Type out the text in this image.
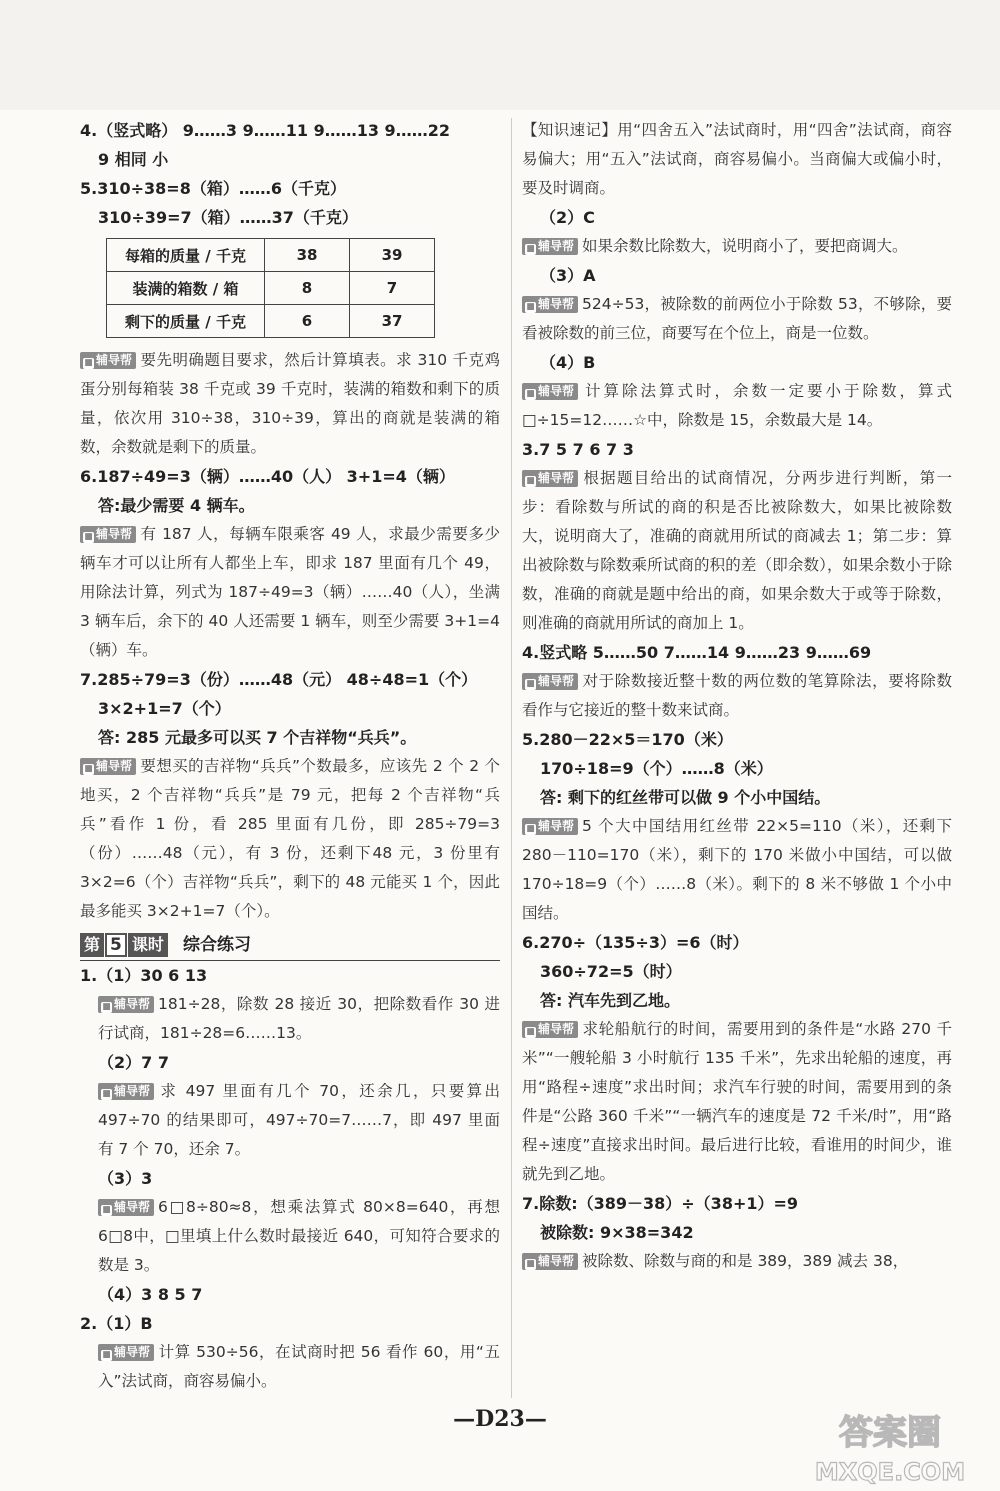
4.（竖式略） 9……3 9……11 9……13 9……22
9 相同 小
5.310÷38=8（箱）……6（千克）
310÷39=7（箱）……37（千克）
每箱的质量 / 千克	38	39
装满的箱数 / 箱	8	7
剩下的质量 / 千克	6	37
■ 辅导帮 要先明确题目要求，然后计算填表。求 310 千克鸡蛋分别每箱装 38 千克或 39 千克时，装满的箱数和剩下的质量，依次用 310÷38，310÷39，算出的商就是装满的箱数，余数就是剩下的质量。
6.187÷49=3（辆）……40（人） 3+1=4（辆）
答:最少需要 4 辆车。
■ 辅导帮 有 187 人，每辆车限乘客 49 人，求最少需要多少辆车才可以让所有人都坐上车，即求 187 里面有几个 49，用除法计算，列式为 187÷49=3（辆）……40（人），坐满 3 辆车后，余下的 40 人还需要 1 辆车，则至少需要 3+1=4（辆）车。
7.285÷79=3（份）……48（元） 48÷48=1（个）
3×2+1=7（个）
答: 285 元最多可以买 7 个吉祥物“兵兵”。
■ 辅导帮 要想买的吉祥物“兵兵”个数最多，应该先 2 个 2 个地买，2 个吉祥物“兵兵”是 79 元，把每 2 个吉祥物“兵兵”看作 1 份，看 285 里面有几份，即 285÷79=3（份）……48（元），有 3 份，还剩下48 元，3 份里有 3×2=6（个）吉祥物“兵兵”，剩下的 48 元能买 1 个，因此最多能买 3×2+1=7（个）。
第 5 课时 综合练习
1.（1）30 6 13
■ 辅导帮 181÷28，除数 28 接近 30，把除数看作 30 进行试商，181÷28=6……13。
（2）7 7
■ 辅导帮 求 497 里面有几个 70，还余几，只要算出 497÷70 的结果即可，497÷70=7……7，即 497 里面有 7 个 70，还余 7。
（3）3
■ 辅导帮 6□8÷80≈8，想乘法算式 80×8=640，再想 6□8中，□里填上什么数时最接近 640，可知符合要求的数是 3。
（4）3 8 5 7
2.（1）B
■ 辅导帮 计算 530÷56，在试商时把 56 看作 60，用“五入”法试商，商容易偏小。
【知识速记】用“四舍五入”法试商时，用“四舍”法试商，商容易偏大；用“五入”法试商，商容易偏小。当商偏大或偏小时，要及时调商。
（2）C
■ 辅导帮 如果余数比除数大，说明商小了，要把商调大。
（3）A
■ 辅导帮 524÷53，被除数的前两位小于除数 53，不够除，要看被除数的前三位，商要写在个位上，商是一位数。
（4）B
■ 辅导帮 计算除法算式时，余数一定要小于除数，算式□÷15=12……☆中，除数是 15，余数最大是 14。
3.7 5 7 6 7 3
■ 辅导帮 根据题目给出的试商情况，分两步进行判断，第一步：看除数与所试的商的积是否比被除数大，如果比被除数大，说明商大了，准确的商就用所试的商减去 1；第二步：算出被除数与除数乘所试商的积的差（即余数），如果余数小于除数，准确的商就是题中给出的商，如果余数大于或等于除数，则准确的商就用所试的商加上 1。
4.竖式略 5……50 7……14 9……23 9……69
■ 辅导帮 对于除数接近整十数的两位数的笔算除法，要将除数看作与它接近的整十数来试商。
5.280－22×5＝170（米）
170÷18=9（个）……8（米）
答: 剩下的红丝带可以做 9 个小中国结。
■ 辅导帮 5 个大中国结用红丝带 22×5=110（米），还剩下280－110=170（米），剩下的 170 米做小中国结，可以做 170÷18=9（个）……8（米）。剩下的 8 米不够做 1 个小中国结。
6.270÷（135÷3）=6（时）
360÷72=5（时）
答: 汽车先到乙地。
■ 辅导帮 求轮船航行的时间，需要用到的条件是“水路 270 千米”“一艘轮船 3 小时航行 135 千米”，先求出轮船的速度，再用“路程÷速度”求出时间；求汽车行驶的时间，需要用到的条件是“公路 360 千米”“一辆汽车的速度是 72 千米/时”，用“路程÷速度”直接求出时间。最后进行比较，看谁用的时间少，谁就先到乙地。
7.除数:（389－38）÷（38+1）=9
被除数: 9×38=342
■ 辅导帮 被除数、除数与商的和是 389，389 减去 38，
—D23—	答案圈
MXQE.COM
